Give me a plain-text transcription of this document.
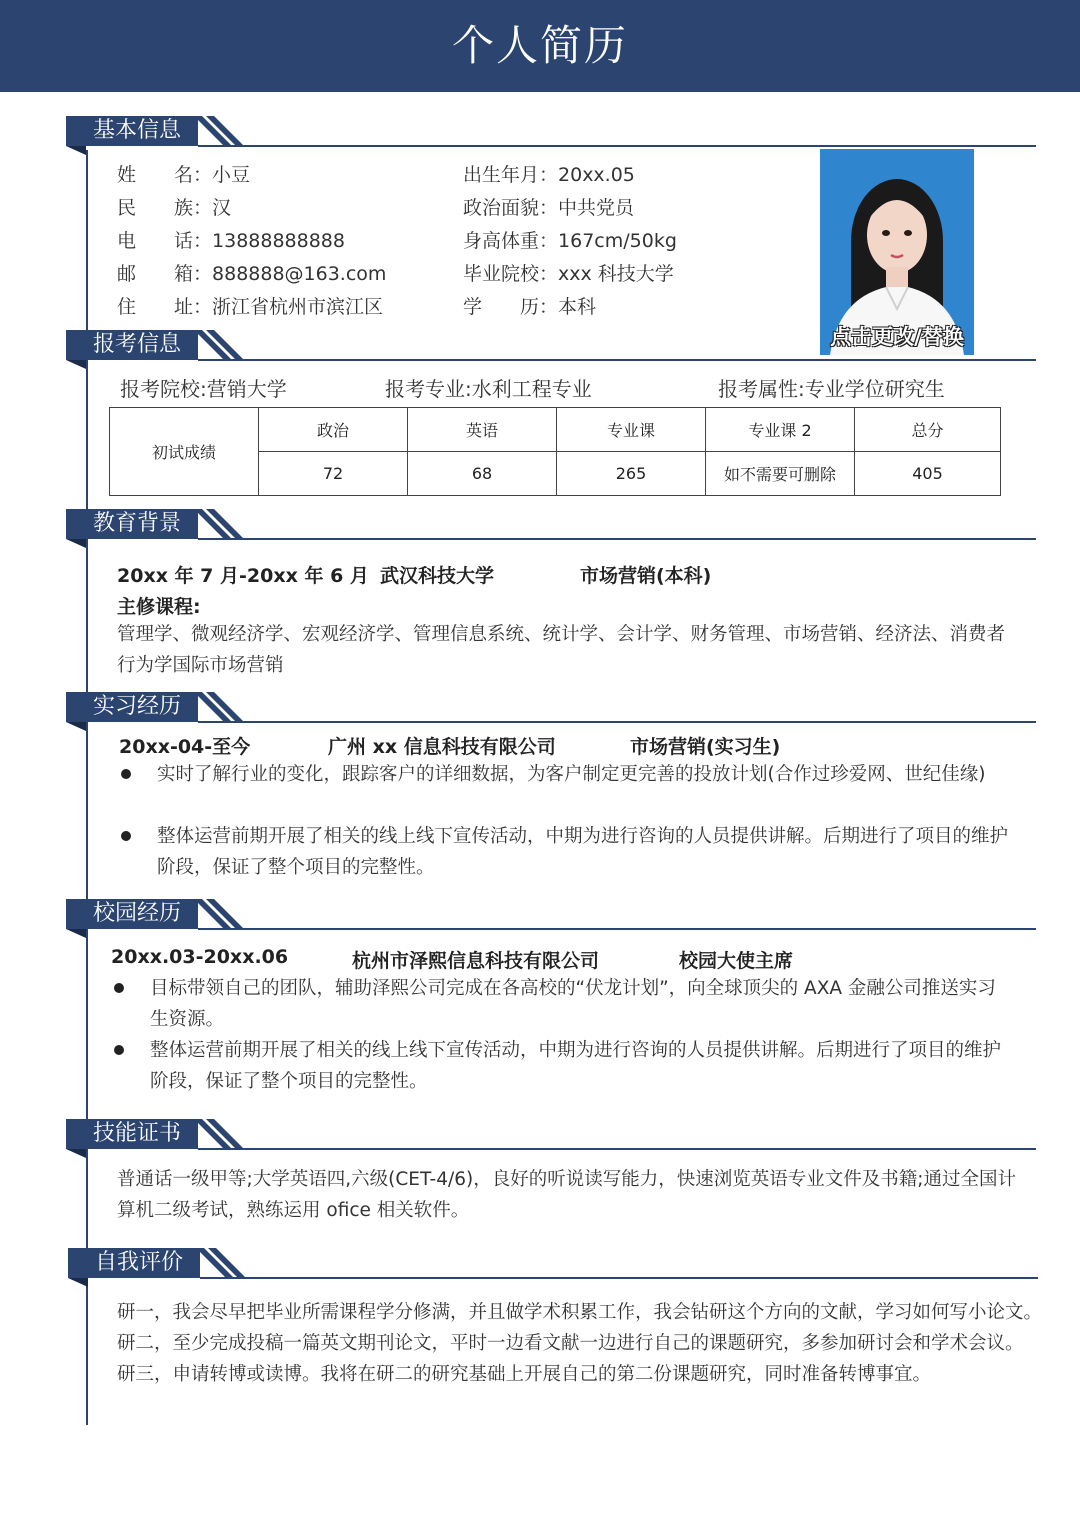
个人简历
基本信息
姓　　名：小豆
民　　族：汉
电　　话：13888888888
邮　　箱：888888@163.com
住　　址：浙江省杭州市滨江区
出生年月：20xx.05
政治面貌：中共党员
身高体重：167cm/50kg
毕业院校：xxx 科技大学
学　　历：本科
点击更改/替换
报考信息
报考院校:营销大学	报考专业:水利工程专业	报考属性:专业学位研究生
初试成绩	政治	英语	专业课	专业课 2	总分
	72	68	265	如不需要可删除	405
教育背景
20xx 年 7 月-20xx 年 6 月 武汉科技大学	市场营销(本科)
主修课程:
管理学、微观经济学、宏观经济学、管理信息系统、统计学、会计学、财务管理、市场营销、经济法、消费者行为学国际市场营销
实习经历
20xx-04-至今	广州 xx 信息科技有限公司	市场营销(实习生)
实时了解行业的变化，跟踪客户的详细数据，为客户制定更完善的投放计划(合作过珍爱网、世纪佳缘)
整体运营前期开展了相关的线上线下宣传活动，中期为进行咨询的人员提供讲解。后期进行了项目的维护阶段，保证了整个项目的完整性。
校园经历
20xx.03-20xx.06	杭州市泽熙信息科技有限公司	校园大使主席
目标带领自己的团队，辅助泽熙公司完成在各高校的“伏龙计划”，向全球顶尖的 AXA 金融公司推送实习生资源。
整体运营前期开展了相关的线上线下宣传活动，中期为进行咨询的人员提供讲解。后期进行了项目的维护阶段，保证了整个项目的完整性。
技能证书
普通话一级甲等;大学英语四,六级(CET-4/6)，良好的听说读写能力，快速浏览英语专业文件及书籍;通过全国计算机二级考试，熟练运用 ofice 相关软件。
自我评价
研一，我会尽早把毕业所需课程学分修满，并且做学术积累工作，我会钻研这个方向的文献，学习如何写小论文。
研二，至少完成投稿一篇英文期刊论文，平时一边看文献一边进行自己的课题研究，多参加研讨会和学术会议。
研三，申请转博或读博。我将在研二的研究基础上开展自己的第二份课题研究，同时准备转博事宜。
